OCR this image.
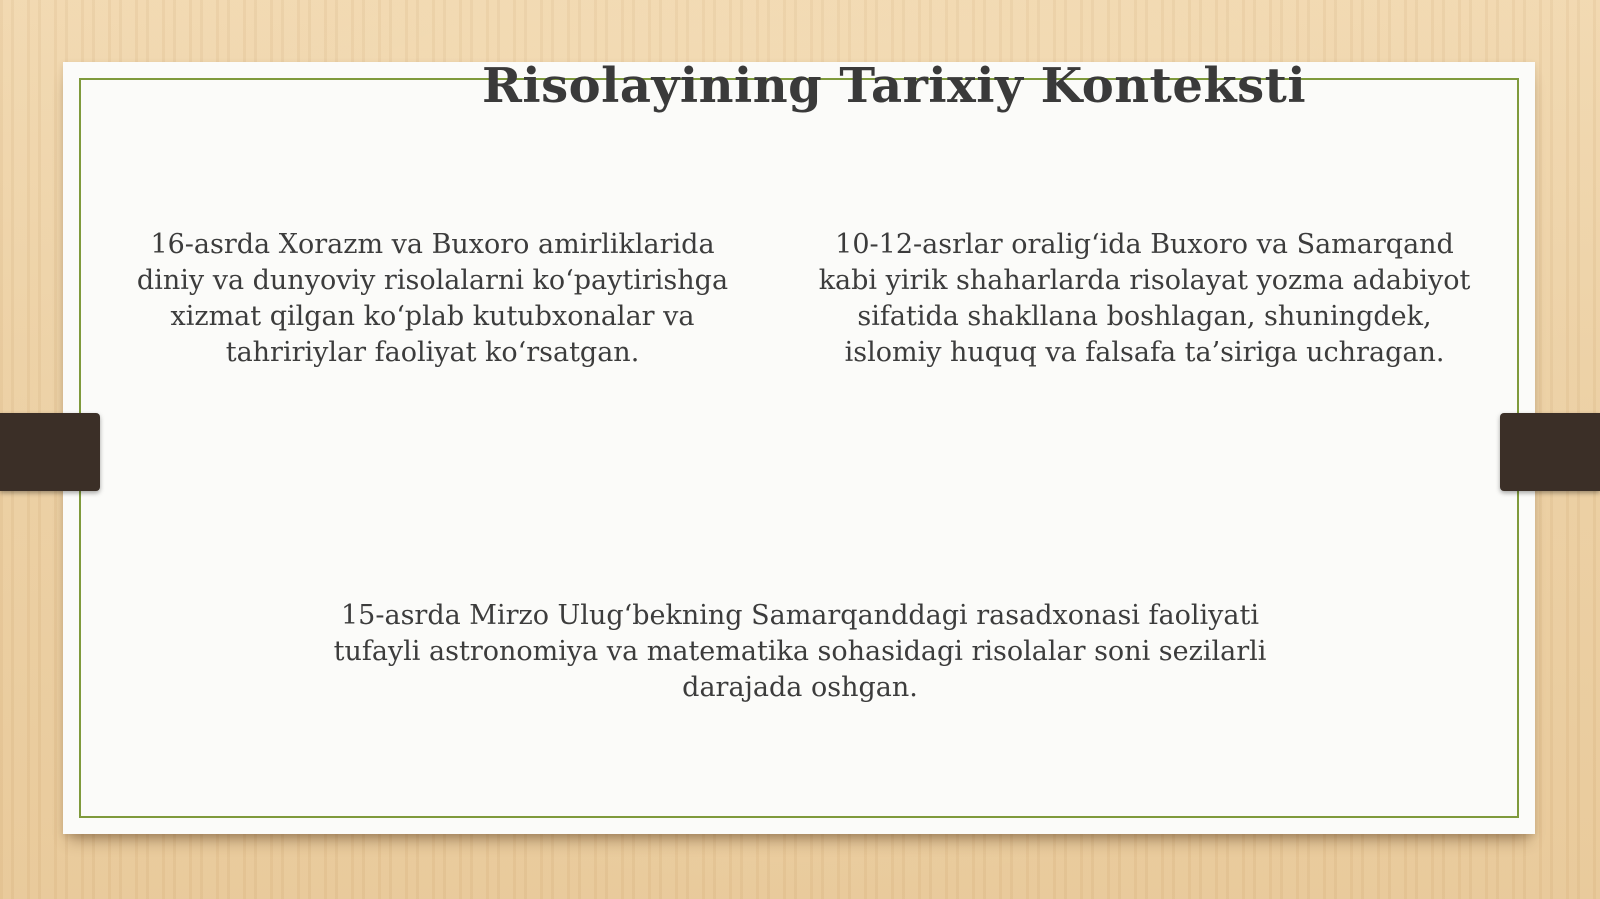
Risolayining Tarixiy Konteksti
16-asrda Xorazm va Buxoro amirliklarida
diniy va dunyoviy risolalarni ko‘paytirishga
xizmat qilgan ko‘plab kutubxonalar va
tahririylar faoliyat ko‘rsatgan.
10-12-asrlar oralig‘ida Buxoro va Samarqand
kabi yirik shaharlarda risolayat yozma adabiyot
sifatida shakllana boshlagan, shuningdek,
islomiy huquq va falsafa ta’siriga uchragan.
15-asrda Mirzo Ulug‘bekning Samarqanddagi rasadxonasi faoliyati
tufayli astronomiya va matematika sohasidagi risolalar soni sezilarli
darajada oshgan.
